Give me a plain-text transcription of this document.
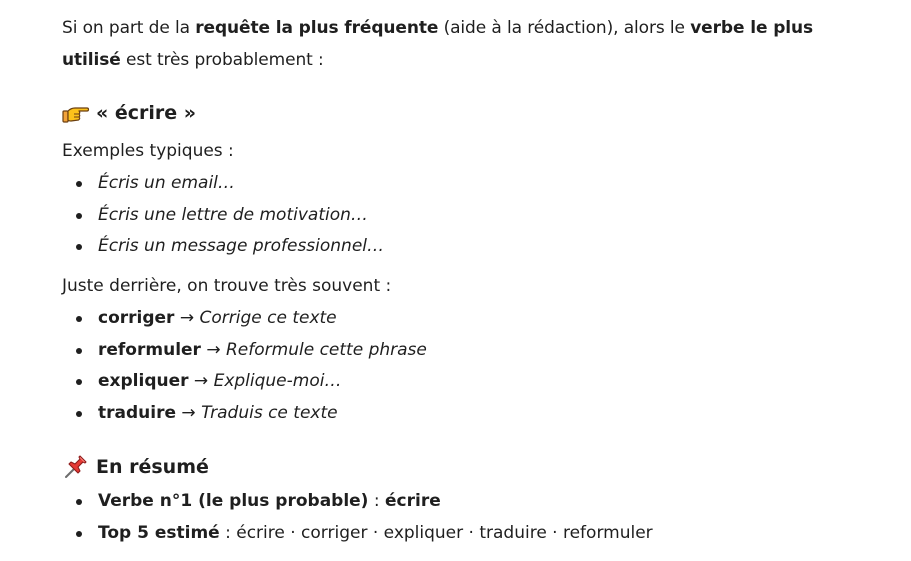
Si on part de la requête la plus fréquente (aide à la rédaction), alors le verbe le plus utilisé est très probablement :

« écrire »

Exemples typiques :

Écris un email…
Écris une lettre de motivation…
Écris un message professionnel…

Juste derrière, on trouve très souvent :

corriger → Corrige ce texte
reformuler → Reformule cette phrase
expliquer → Explique-moi…
traduire → Traduis ce texte
En résumé
Verbe n°1 (le plus probable) : écrire
Top 5 estimé : écrire · corriger · expliquer · traduire · reformuler
